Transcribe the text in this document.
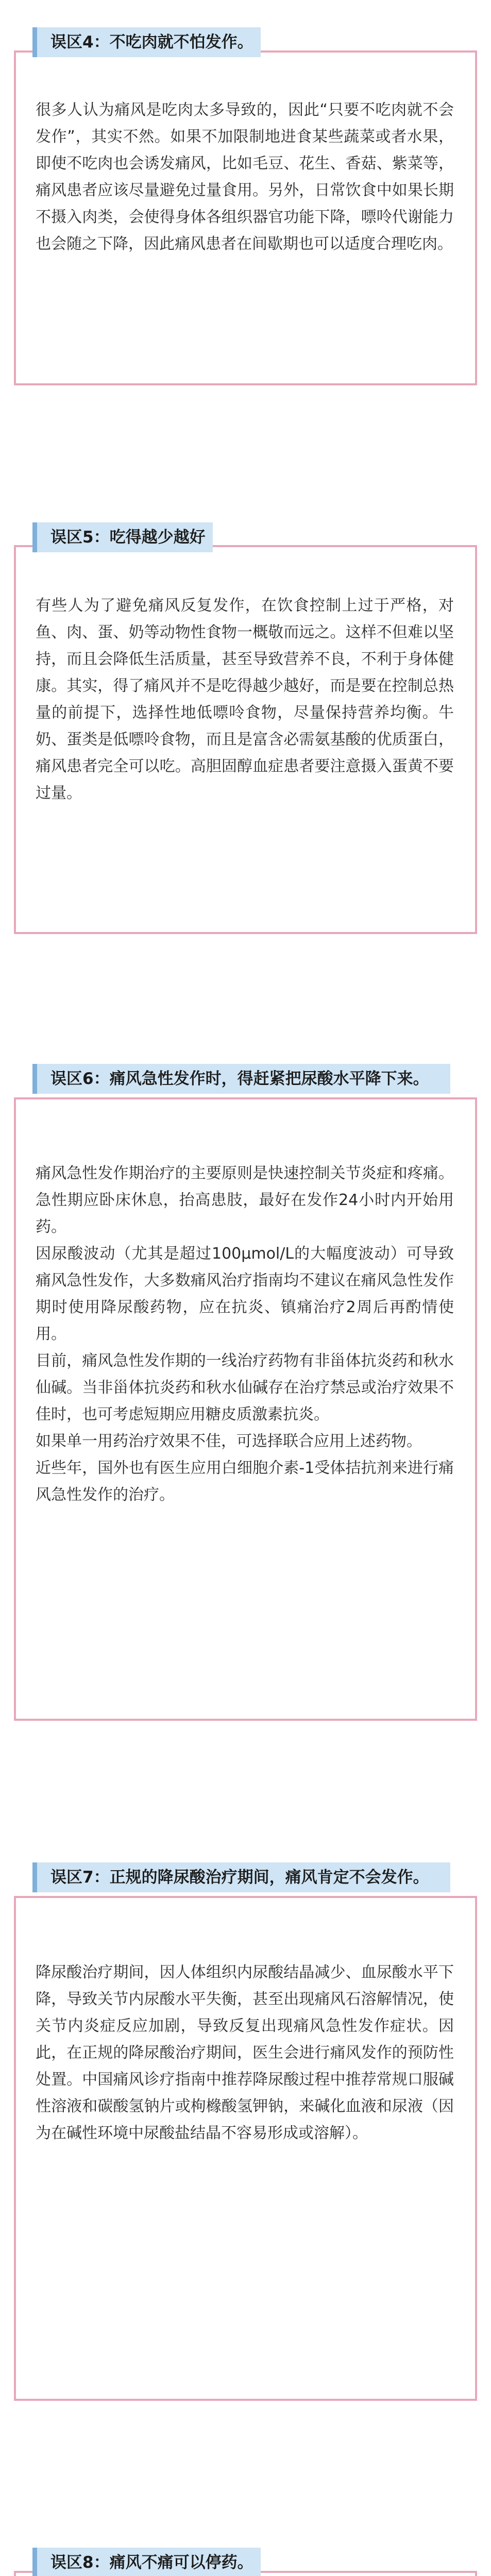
误区4：不吃肉就不怕发作。

很多人认为痛风是吃肉太多导致的，因此“只要不吃肉就不会发作”，其实不然。如果不加限制地进食某些蔬菜或者水果，即使不吃肉也会诱发痛风，比如毛豆、花生、香菇、紫菜等，痛风患者应该尽量避免过量食用。另外，日常饮食中如果长期不摄入肉类，会使得身体各组织器官功能下降，嘌呤代谢能力也会随之下降，因此痛风患者在间歇期也可以适度合理吃肉。

误区5：吃得越少越好

有些人为了避免痛风反复发作，在饮食控制上过于严格，对鱼、肉、蛋、奶等动物性食物一概敬而远之。这样不但难以坚持，而且会降低生活质量，甚至导致营养不良，不利于身体健康。其实，得了痛风并不是吃得越少越好，而是要在控制总热量的前提下，选择性地低嘌呤食物，尽量保持营养均衡。牛奶、蛋类是低嘌呤食物，而且是富含必需氨基酸的优质蛋白，痛风患者完全可以吃。高胆固醇血症患者要注意摄入蛋黄不要过量。

误区6：痛风急性发作时，得赶紧把尿酸水平降下来。

痛风急性发作期治疗的主要原则是快速控制关节炎症和疼痛。急性期应卧床休息，抬高患肢，最好在发作24小时内开始用药。

因尿酸波动（尤其是超过100μmol/L的大幅度波动）可导致痛风急性发作，大多数痛风治疗指南均不建议在痛风急性发作期时使用降尿酸药物，应在抗炎、镇痛治疗2周后再酌情使用。

目前，痛风急性发作期的一线治疗药物有非甾体抗炎药和秋水仙碱。当非甾体抗炎药和秋水仙碱存在治疗禁忌或治疗效果不佳时，也可考虑短期应用糖皮质激素抗炎。

如果单一用药治疗效果不佳，可选择联合应用上述药物。

近些年，国外也有医生应用白细胞介素-1受体拮抗剂来进行痛风急性发作的治疗。

误区7：正规的降尿酸治疗期间，痛风肯定不会发作。

降尿酸治疗期间，因人体组织内尿酸结晶减少、血尿酸水平下降，导致关节内尿酸水平失衡，甚至出现痛风石溶解情况，使关节内炎症反应加剧，导致反复出现痛风急性发作症状。因此，在正规的降尿酸治疗期间，医生会进行痛风发作的预防性处置。中国痛风诊疗指南中推荐降尿酸过程中推荐常规口服碱性溶液和碳酸氢钠片或枸橼酸氢钾钠，来碱化血液和尿液（因为在碱性环境中尿酸盐结晶不容易形成或溶解）。

误区8：痛风不痛可以停药。
